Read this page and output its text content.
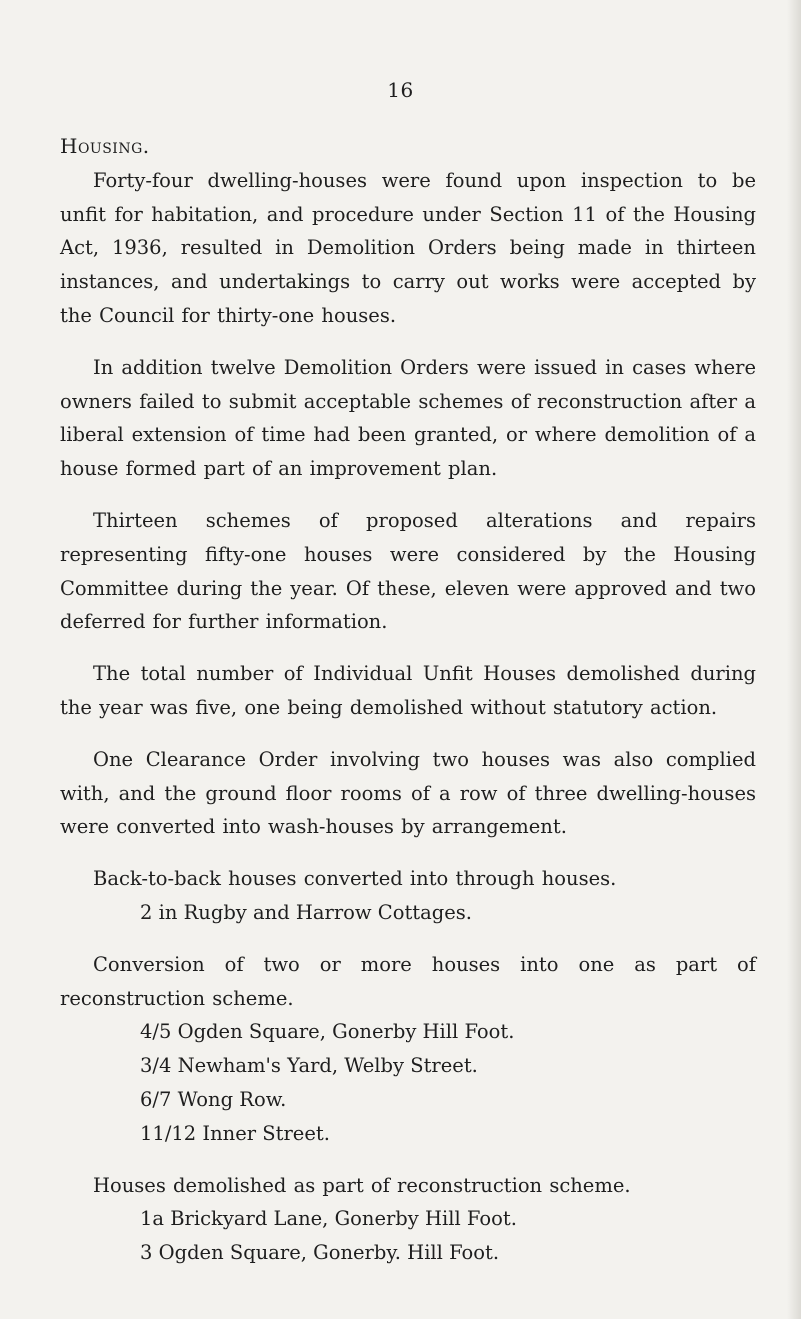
16
Housing.

Forty-four dwelling-houses were found upon inspection to be unfit for habitation, and procedure under Section 11 of the Housing Act, 1936, resulted in Demolition Orders being made in thirteen instances, and undertakings to carry out works were accepted by the Council for thirty-one houses.

In addition twelve Demolition Orders were issued in cases where owners failed to submit acceptable schemes of reconstruction after a liberal extension of time had been granted, or where demolition of a house formed part of an improvement plan.

Thirteen schemes of proposed alterations and repairs representing fifty-one houses were considered by the Housing Committee during the year. Of these, eleven were approved and two deferred for further information.

The total number of Individual Unfit Houses demolished during the year was five, one being demolished without statutory action.

One Clearance Order involving two houses was also complied with, and the ground floor rooms of a row of three dwelling-houses were converted into wash-houses by arrangement.

Back-to-back houses converted into through houses.

2 in Rugby and Harrow Cottages.

Conversion of two or more houses into one as part of reconstruction scheme.

4/5 Ogden Square, Gonerby Hill Foot.
3/4 Newham's Yard, Welby Street.
6/7 Wong Row.
11/12 Inner Street.

Houses demolished as part of reconstruction scheme.

1a Brickyard Lane, Gonerby Hill Foot.
3 Ogden Square, Gonerby. Hill Foot.
